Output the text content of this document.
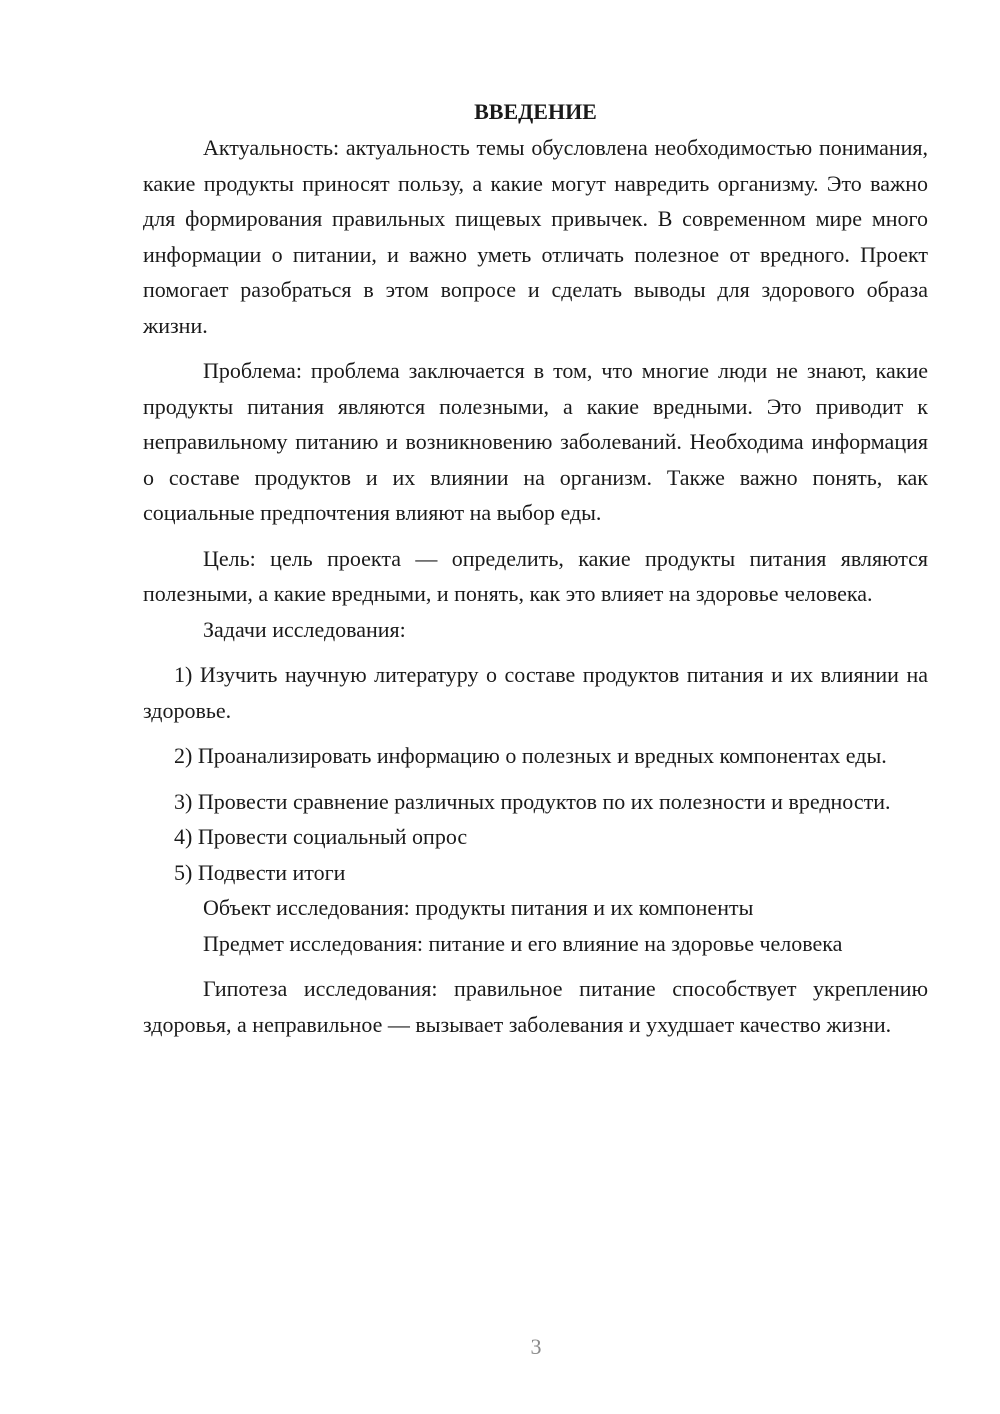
ВВЕДЕНИЕ

Актуальность: актуальность темы обусловлена необходимостью понимания, какие продукты приносят пользу, а какие могут навредить организму. Это важно для формирования правильных пищевых привычек. В современном мире много информации о питании, и важно уметь отличать полезное от вредного. Проект помогает разобраться в этом вопросе и сделать выводы для здорового образа жизни.

Проблема: проблема заключается в том, что многие люди не знают, какие продукты питания являются полезными, а какие вредными. Это приводит к неправильному питанию и возникновению заболеваний. Необходима информация о составе продуктов и их влиянии на организм. Также важно понять, как социальные предпочтения влияют на выбор еды.

Цель: цель проекта — определить, какие продукты питания являются полезными, а какие вредными, и понять, как это влияет на здоровье человека.

Задачи исследования:

1) Изучить научную литературу о составе продуктов питания и их влиянии на здоровье.

2) Проанализировать информацию о полезных и вредных компонентах еды.

3) Провести сравнение различных продуктов по их полезности и вредности.

4) Провести социальный опрос

5) Подвести итоги

Объект исследования: продукты питания и их компоненты

Предмет исследования: питание и его влияние на здоровье человека

Гипотеза исследования: правильное питание способствует укреплению здоровья, а неправильное — вызывает заболевания и ухудшает качество жизни.

3
